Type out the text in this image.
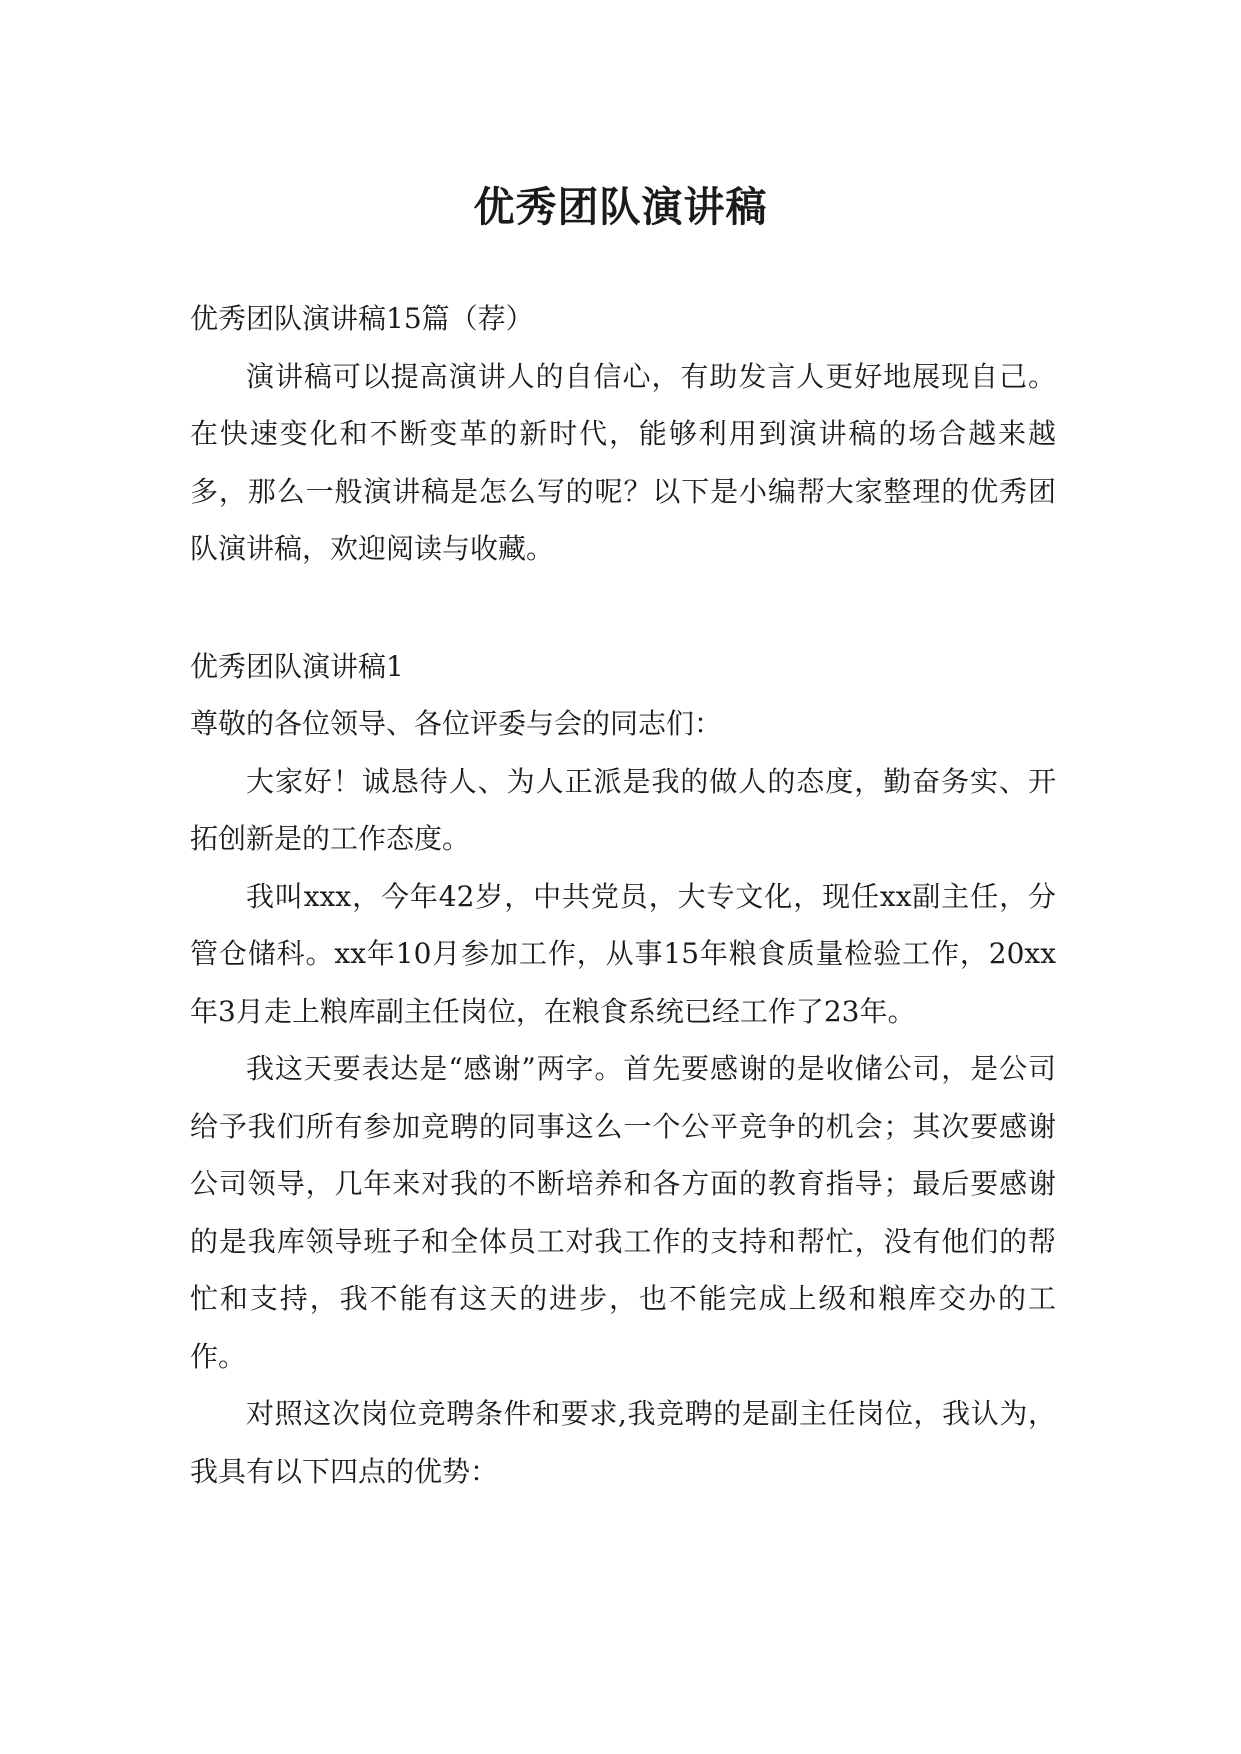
优秀团队演讲稿

优秀团队演讲稿15篇（荐）

演讲稿可以提高演讲人的自信心，有助发言人更好地展现自己。在快速变化和不断变革的新时代，能够利用到演讲稿的场合越来越多，那么一般演讲稿是怎么写的呢？以下是小编帮大家整理的优秀团队演讲稿，欢迎阅读与收藏。

优秀团队演讲稿1

尊敬的各位领导、各位评委与会的同志们：

大家好！诚恳待人、为人正派是我的做人的态度，勤奋务实、开拓创新是的工作态度。

我叫xxx，今年42岁，中共党员，大专文化，现任xx副主任，分管仓储科。xx年10月参加工作，从事15年粮食质量检验工作，20xx年3月走上粮库副主任岗位，在粮食系统已经工作了23年。

我这天要表达是“感谢”两字。首先要感谢的是收储公司，是公司给予我们所有参加竞聘的同事这么一个公平竞争的机会；其次要感谢公司领导，几年来对我的不断培养和各方面的教育指导；最后要感谢的是我库领导班子和全体员工对我工作的支持和帮忙，没有他们的帮忙和支持，我不能有这天的进步，也不能完成上级和粮库交办的工作。

对照这次岗位竞聘条件和要求,我竞聘的是副主任岗位，我认为，我具有以下四点的优势：
